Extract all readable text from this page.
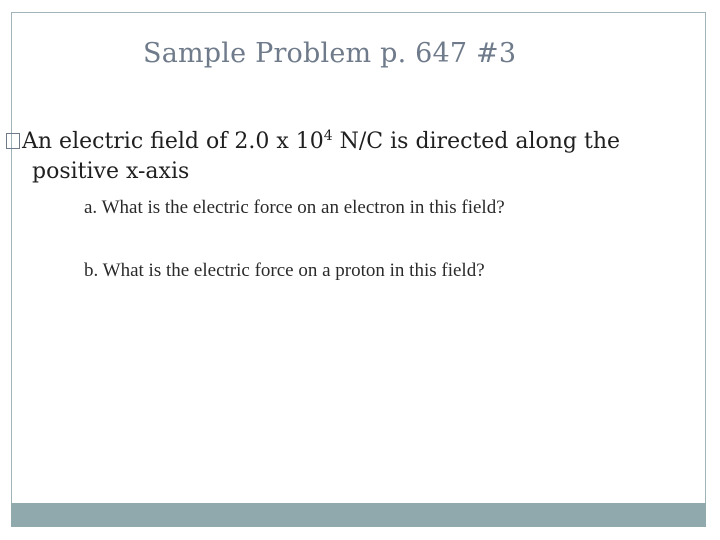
Sample Problem p. 647 #3
An electric field of 2.0 x $10^4$ N/C is directed along the
positive x-axis
a. What is the electric force on an electron in this field?
b. What is the electric force on a proton in this field?
